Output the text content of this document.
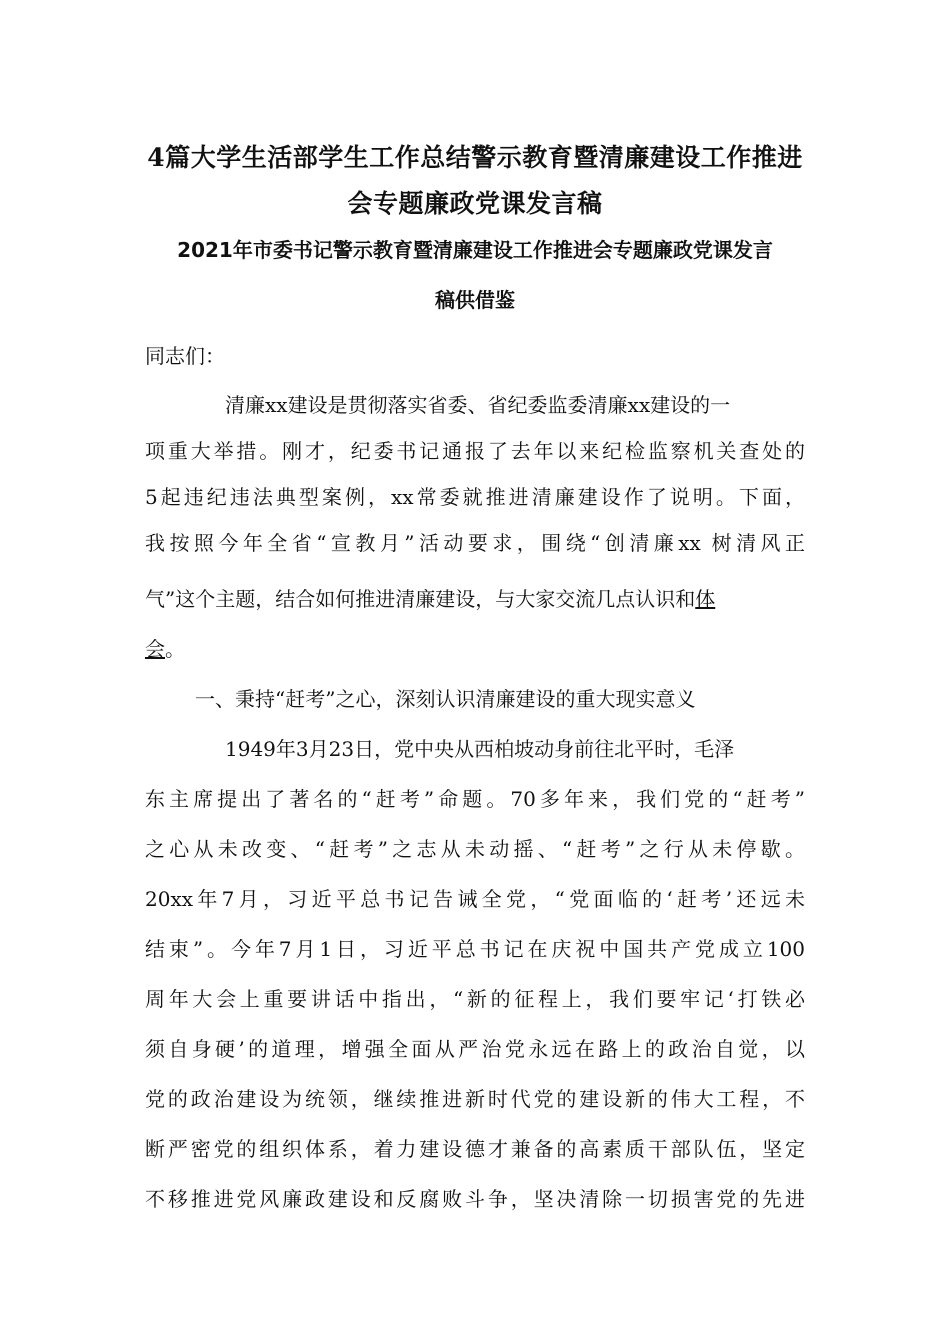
4篇大学生活部学生工作总结警示教育暨清廉建设工作推进
会专题廉政党课发言稿
2021年市委书记警示教育暨清廉建设工作推进会专题廉政党课发言
稿供借鉴
同志们：
清廉xx建设是贯彻落实省委、省纪委监委清廉xx建设的一
项重大举措。刚才，纪委书记通报了去年以来纪检监察机关查处的
5起违纪违法典型案例，xx常委就推进清廉建设作了说明。下面，
我按照今年全省“宣教月”活动要求，围绕“创清廉xx 树清风正
气”这个主题，结合如何推进清廉建设，与大家交流几点认识和体
会。
一、秉持“赶考”之心，深刻认识清廉建设的重大现实意义
1949年3月23日，党中央从西柏坡动身前往北平时，毛泽
东主席提出了著名的“赶考”命题。70多年来，我们党的“赶考”
之心从未改变、“赶考”之志从未动摇、“赶考”之行从未停歇。
20xx年7月，习近平总书记告诫全党，“党面临的‘赶考’还远未
结束”。今年7月1日，习近平总书记在庆祝中国共产党成立100
周年大会上重要讲话中指出，“新的征程上，我们要牢记‘打铁必
须自身硬’的道理，增强全面从严治党永远在路上的政治自觉，以
党的政治建设为统领，继续推进新时代党的建设新的伟大工程，不
断严密党的组织体系，着力建设德才兼备的高素质干部队伍，坚定
不移推进党风廉政建设和反腐败斗争，坚决清除一切损害党的先进
